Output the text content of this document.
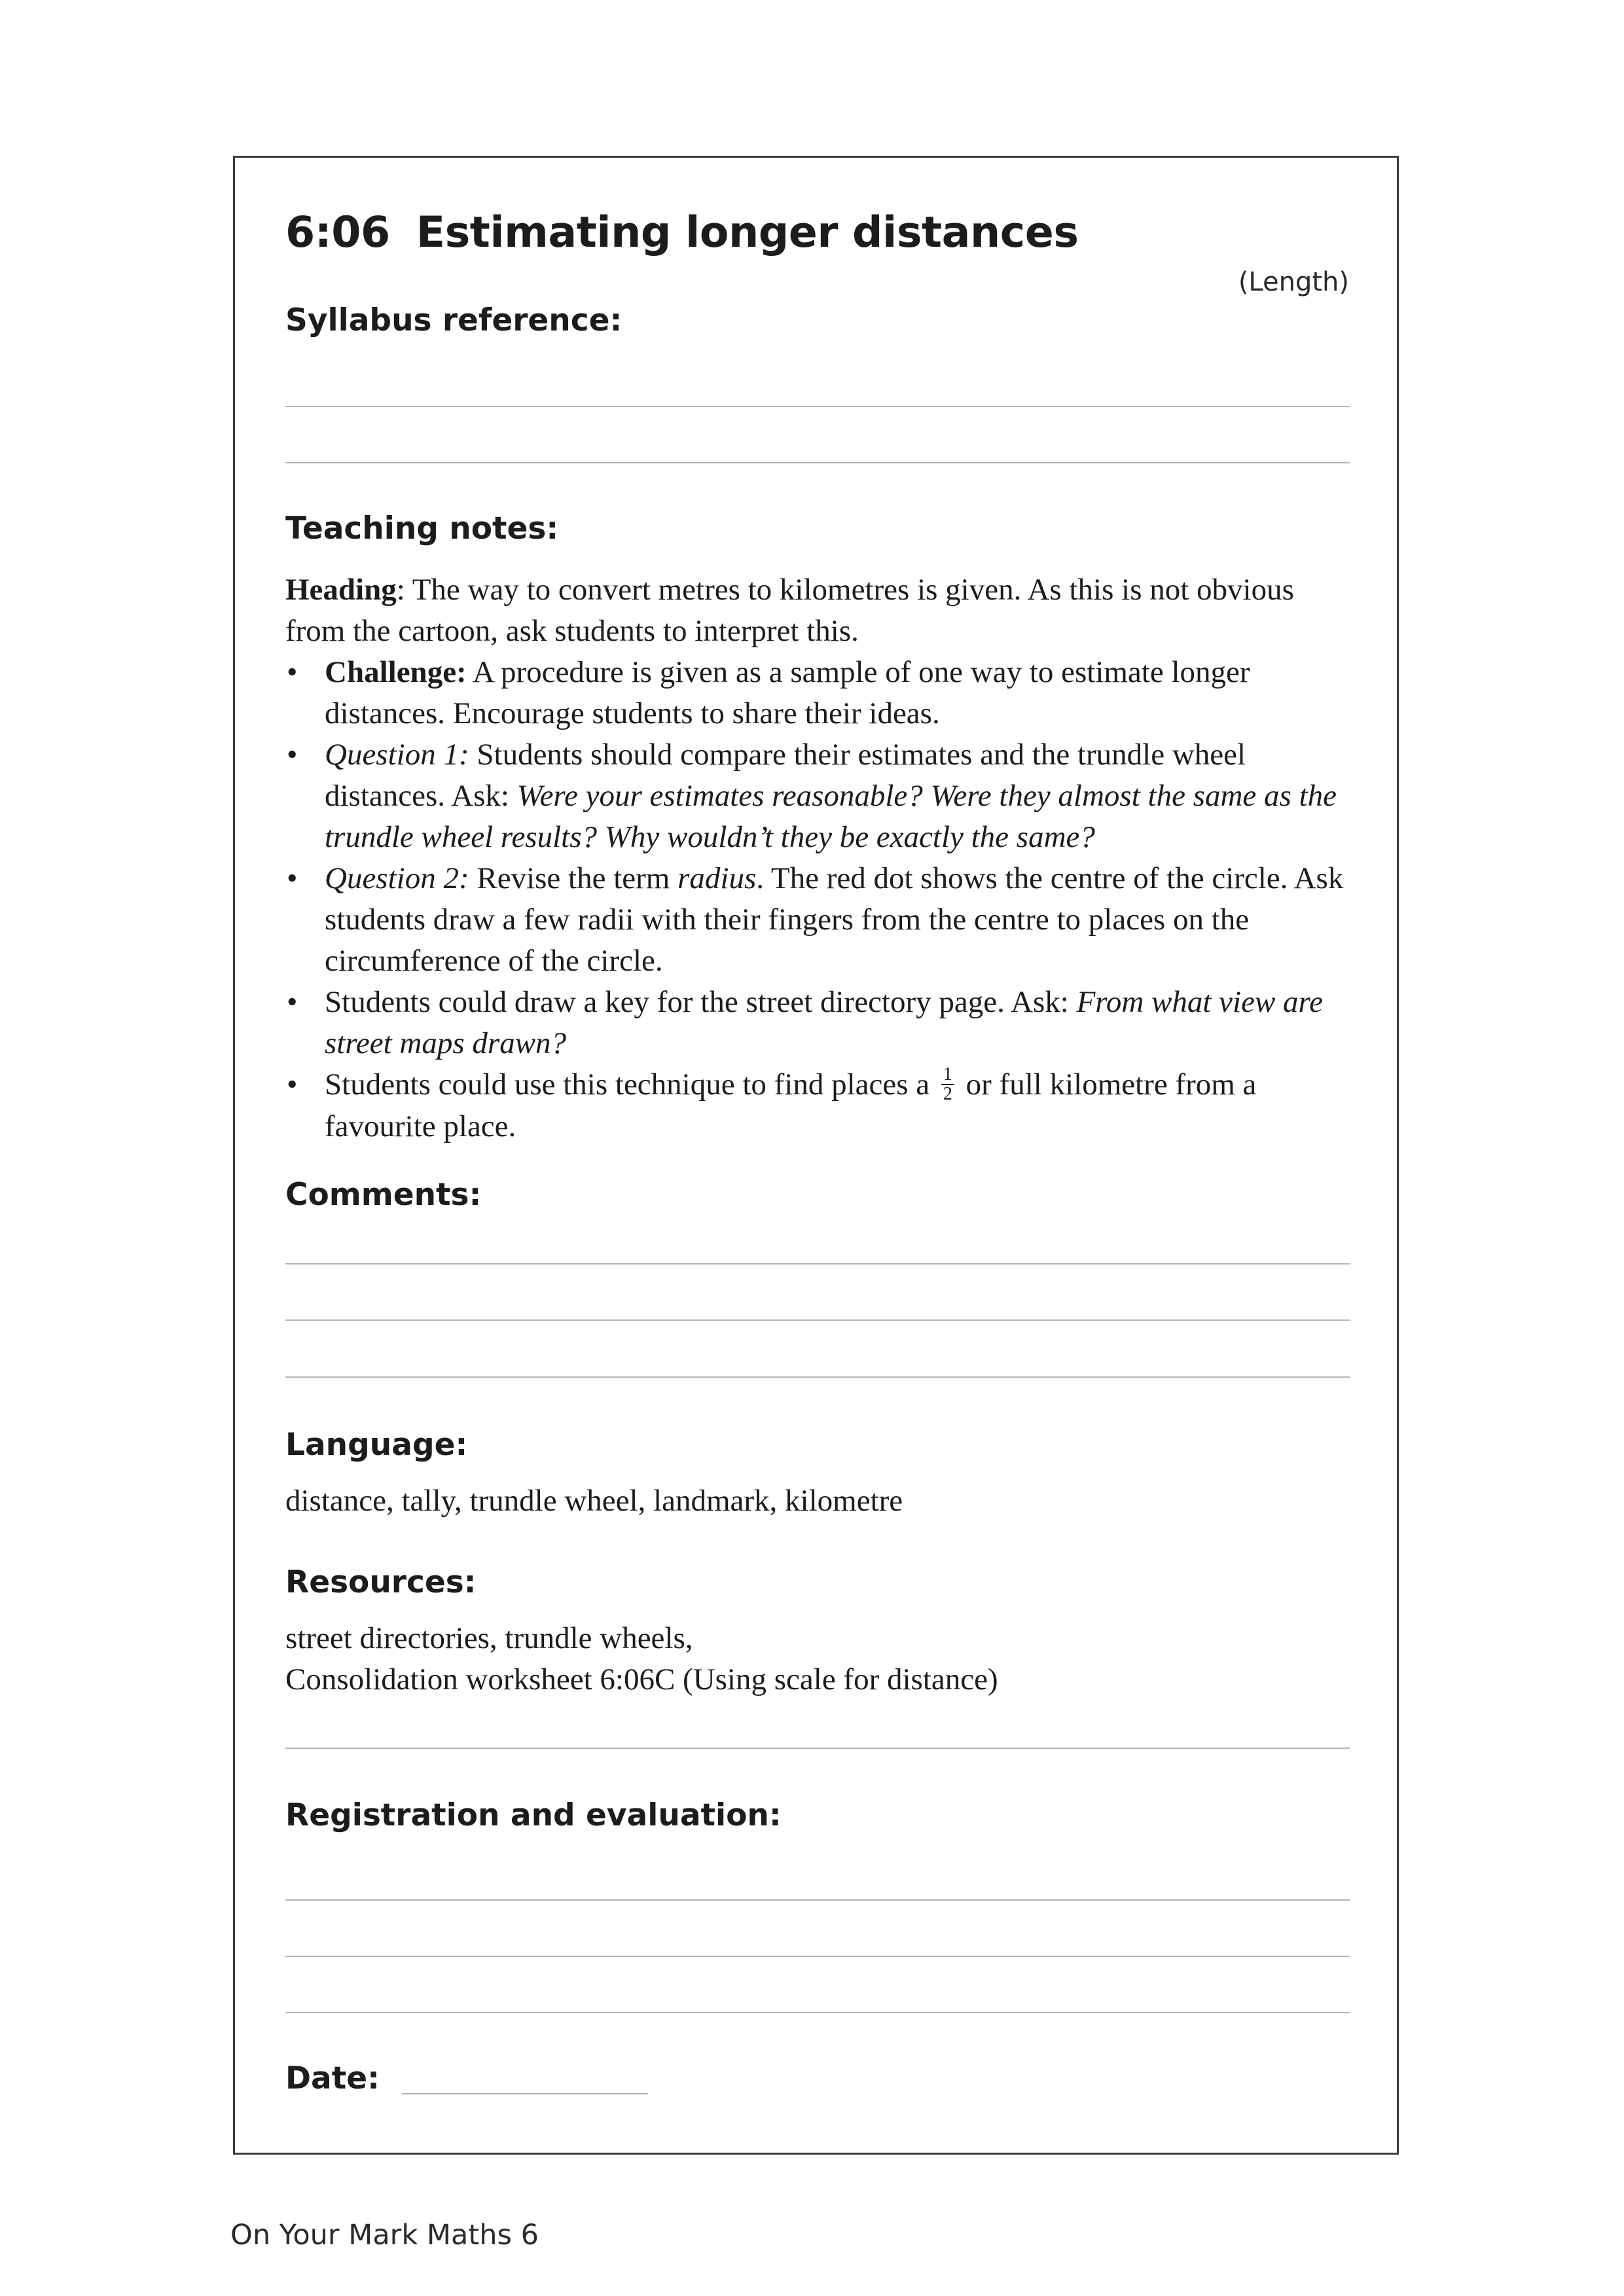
6:06 Estimating longer distances
(Length)
Syllabus reference:
Teaching notes:

Heading: The way to convert metres to kilometres is given. As this is not obvious from the cartoon, ask students to interpret this.

• Challenge: A procedure is given as a sample of one way to estimate longer distances. Encourage students to share their ideas.
• Question 1: Students should compare their estimates and the trundle wheel distances. Ask: Were your estimates reasonable? Were they almost the same as the trundle wheel results? Why wouldn’t they be exactly the same?
• Question 2: Revise the term radius. The red dot shows the centre of the circle. Ask students draw a few radii with their fingers from the centre to places on the circumference of the circle.
• Students could draw a key for the street directory page. Ask: From what view are street maps drawn?
• Students could use this technique to find places a $\frac{1}{2}$ or full kilometre from a favourite place.
Comments:
Language:
distance, tally, trundle wheel, landmark, kilometre
Resources:
street directories, trundle wheels,
Consolidation worksheet 6:06C (Using scale for distance)
Registration and evaluation:
Date:
On Your Mark Maths 6
